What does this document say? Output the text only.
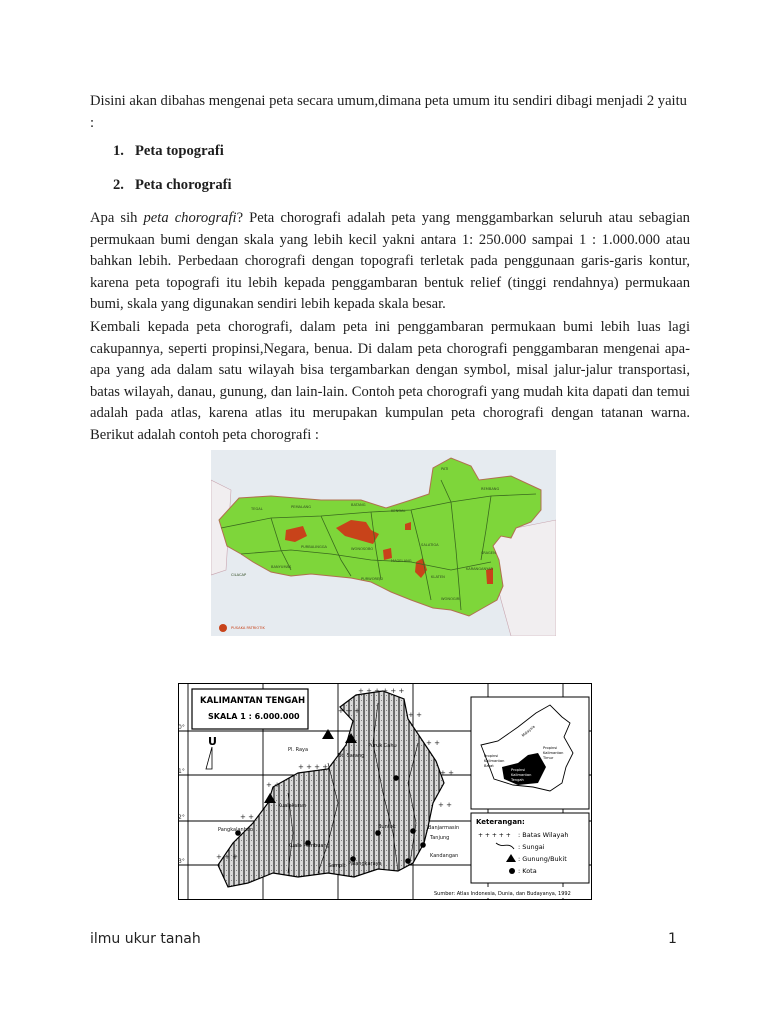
Disini akan dibahas mengenai peta secara umum,dimana peta umum itu sendiri dibagi menjadi 2 yaitu :

1. Peta topografi
2. Peta chorografi

Apa sih peta chorografi? Peta chorografi adalah peta yang menggambarkan seluruh atau sebagian permukaan bumi dengan skala yang lebih kecil yakni antara 1: 250.000 sampai 1 : 1.000.000 atau bahkan lebih. Perbedaan chorografi dengan topografi terletak pada penggunaan garis-garis kontur, karena peta topografi itu lebih kepada penggambaran bentuk relief (tinggi rendahnya) permukaan bumi, skala yang digunakan sendiri lebih kepada skala besar.

Kembali kepada peta chorografi, dalam peta ini penggambaran permukaan bumi lebih luas lagi cakupannya, seperti propinsi,Negara, benua. Di dalam peta chorografi penggambaran mengenai apa-apa yang ada dalam satu wilayah bisa tergambarkan dengan symbol, misal jalur-jalur transportasi, batas wilayah, danau, gunung, dan lain-lain. Contoh peta chorografi yang mudah kita dapati dan temui adalah pada atlas, karena atlas itu merupakan kumpulan peta chorografi dengan tatanan warna. Berikut adalah contoh peta chorografi :

TEGAL	PEMALANG	BATANG
KENDAL
PATI
REMBANG
PURBALINGGA	WONOSOBO
SALATIGA
SRAGEN
MAGELANG
BANYUMAS	KARANGANYAR
KLATEN
CILACAP
PURWOREJO
WONOGIRI
PUSAKA PATRIOTIK
+ + +
+ + + + + +
+ +
+ +
+ +
+ +
+ + + +
+ +
+ +
+ + +
Pl. Raya
Bt. Sarang
Puruk Cahu
Kualakurun
Pangkalanbun
Kuala Pembuang
Sampit Palangkaraya
Buntok	Banjarmasin
Tanjung
Kandangan
KALIMANTAN TENGAH
SKALA 1 : 6.000.000
U
0°
1°
2°
3°
Malaysia
Propinsi
Kalimantan
Timur
Propinsi
Kalimantan
Barat
Propinsi
Kalimantan
Tengah
Keterangan:
+ + + + + : Batas Wilayah
: Sungai
: Gunung/Bukit
: Kota
Sumber: Atlas Indonesia, Dunia, dan Budayanya, 1992
ilmu ukur tanah	1
